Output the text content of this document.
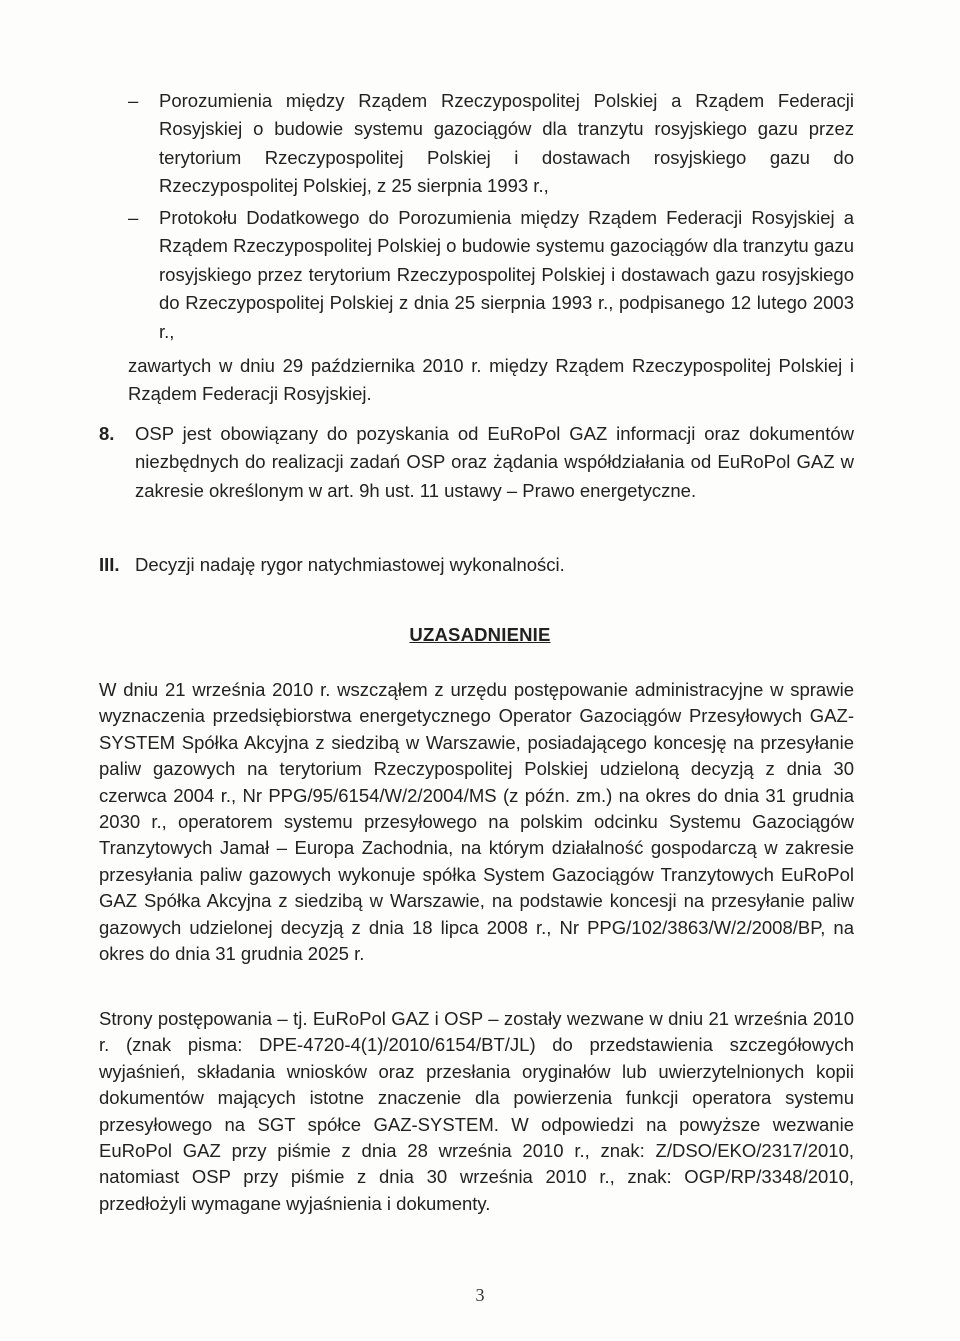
– Porozumienia między Rządem Rzeczypospolitej Polskiej a Rządem Federacji Rosyjskiej o budowie systemu gazociągów dla tranzytu rosyjskiego gazu przez terytorium Rzeczypospolitej Polskiej i dostawach rosyjskiego gazu do Rzeczypospolitej Polskiej, z 25 sierpnia 1993 r.,
– Protokołu Dodatkowego do Porozumienia między Rządem Federacji Rosyjskiej a Rządem Rzeczypospolitej Polskiej o budowie systemu gazociągów dla tranzytu gazu rosyjskiego przez terytorium Rzeczypospolitej Polskiej i dostawach gazu rosyjskiego do Rzeczypospolitej Polskiej z dnia 25 sierpnia 1993 r., podpisanego 12 lutego 2003 r.,
zawartych w dniu 29 października 2010 r. między Rządem Rzeczypospolitej Polskiej i Rządem Federacji Rosyjskiej.
8. OSP jest obowiązany do pozyskania od EuRoPol GAZ informacji oraz dokumentów niezbędnych do realizacji zadań OSP oraz żądania współdziałania od EuRoPol GAZ w zakresie określonym w art. 9h ust. 11 ustawy – Prawo energetyczne.
III. Decyzji nadaję rygor natychmiastowej wykonalności.
UZASADNIENIE
W dniu 21 września 2010 r. wszcząłem z urzędu postępowanie administracyjne w sprawie wyznaczenia przedsiębiorstwa energetycznego Operator Gazociągów Przesyłowych GAZ-SYSTEM Spółka Akcyjna z siedzibą w Warszawie, posiadającego koncesję na przesyłanie paliw gazowych na terytorium Rzeczypospolitej Polskiej udzieloną decyzją z dnia 30 czerwca 2004 r., Nr PPG/95/6154/W/2/2004/MS (z późn. zm.) na okres do dnia 31 grudnia 2030 r., operatorem systemu przesyłowego na polskim odcinku Systemu Gazociągów Tranzytowych Jamał – Europa Zachodnia, na którym działalność gospodarczą w zakresie przesyłania paliw gazowych wykonuje spółka System Gazociągów Tranzytowych EuRoPol GAZ Spółka Akcyjna z siedzibą w Warszawie, na podstawie koncesji na przesyłanie paliw gazowych udzielonej decyzją z dnia 18 lipca 2008 r., Nr PPG/102/3863/W/2/2008/BP, na okres do dnia 31 grudnia 2025 r.
Strony postępowania – tj. EuRoPol GAZ i OSP – zostały wezwane w dniu 21 września 2010 r. (znak pisma: DPE-4720-4(1)/2010/6154/BT/JL) do przedstawienia szczegółowych wyjaśnień, składania wniosków oraz przesłania oryginałów lub uwierzytelnionych kopii dokumentów mających istotne znaczenie dla powierzenia funkcji operatora systemu przesyłowego na SGT spółce GAZ-SYSTEM. W odpowiedzi na powyższe wezwanie EuRoPol GAZ przy piśmie z dnia 28 września 2010 r., znak: Z/DSO/EKO/2317/2010, natomiast OSP przy piśmie z dnia 30 września 2010 r., znak: OGP/RP/3348/2010, przedłożyli wymagane wyjaśnienia i dokumenty.
3
